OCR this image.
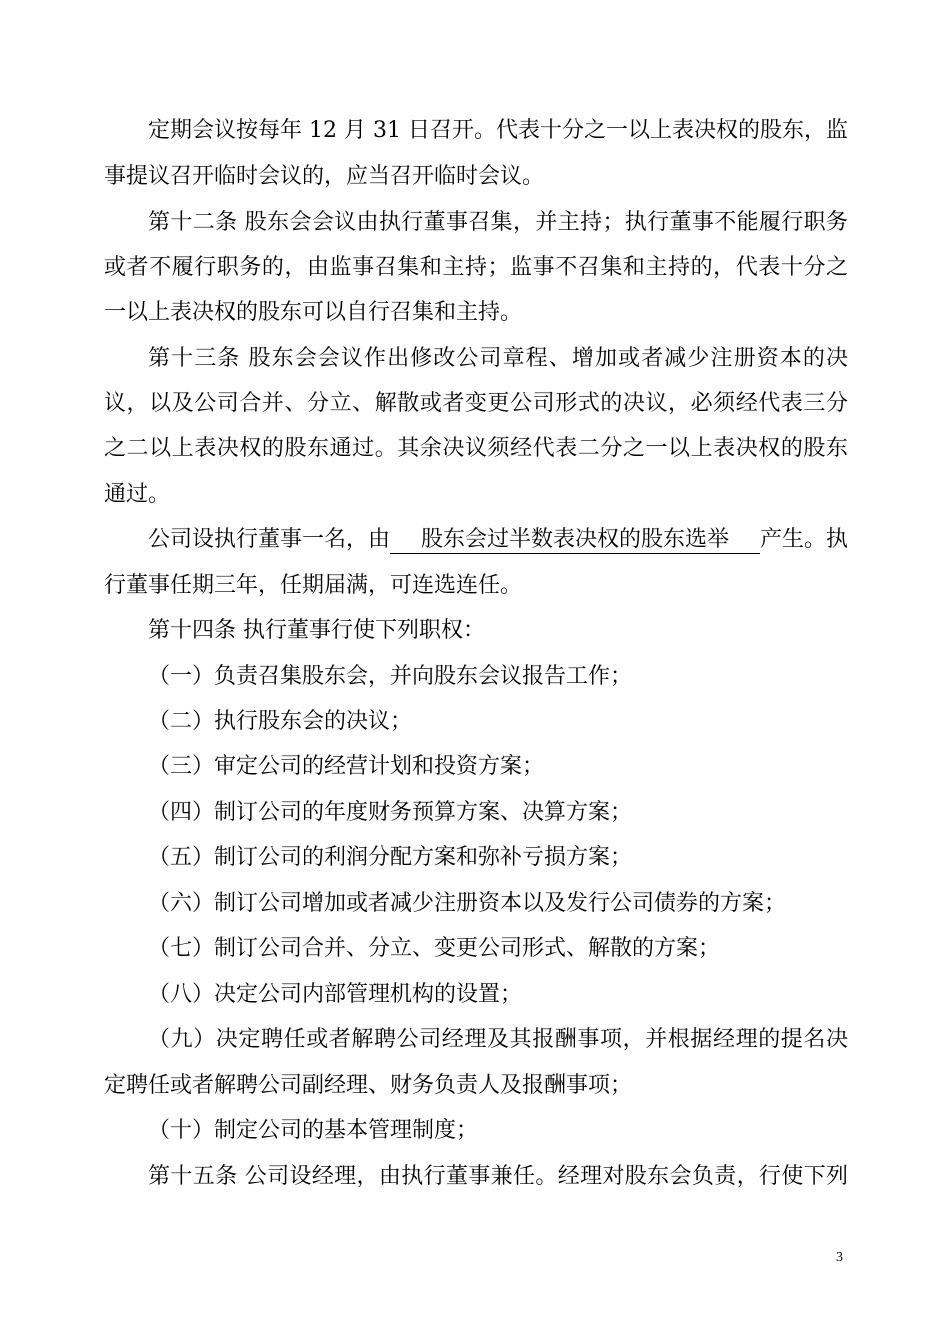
定期会议按每年 12 月 31 日召开。代表十分之一以上表决权的股东，监
事提议召开临时会议的，应当召开临时会议。
第十二条 股东会会议由执行董事召集，并主持；执行董事不能履行职务
或者不履行职务的，由监事召集和主持；监事不召集和主持的，代表十分之
一以上表决权的股东可以自行召集和主持。
第十三条 股东会会议作出修改公司章程、增加或者减少注册资本的决
议，以及公司合并、分立、解散或者变更公司形式的决议，必须经代表三分
之二以上表决权的股东通过。其余决议须经代表二分之一以上表决权的股东
通过。
公司设执行董事一名，由 股东会过半数表决权的股东选举 产生。执
行董事任期三年，任期届满，可连选连任。
第十四条 执行董事行使下列职权：
（一）负责召集股东会，并向股东会议报告工作；
（二）执行股东会的决议；
（三）审定公司的经营计划和投资方案；
（四）制订公司的年度财务预算方案、决算方案；
（五）制订公司的利润分配方案和弥补亏损方案；
（六）制订公司增加或者减少注册资本以及发行公司债券的方案；
（七）制订公司合并、分立、变更公司形式、解散的方案；
（八）决定公司内部管理机构的设置；
（九）决定聘任或者解聘公司经理及其报酬事项，并根据经理的提名决
定聘任或者解聘公司副经理、财务负责人及报酬事项；
（十）制定公司的基本管理制度；
第十五条 公司设经理，由执行董事兼任。经理对股东会负责，行使下列
3
